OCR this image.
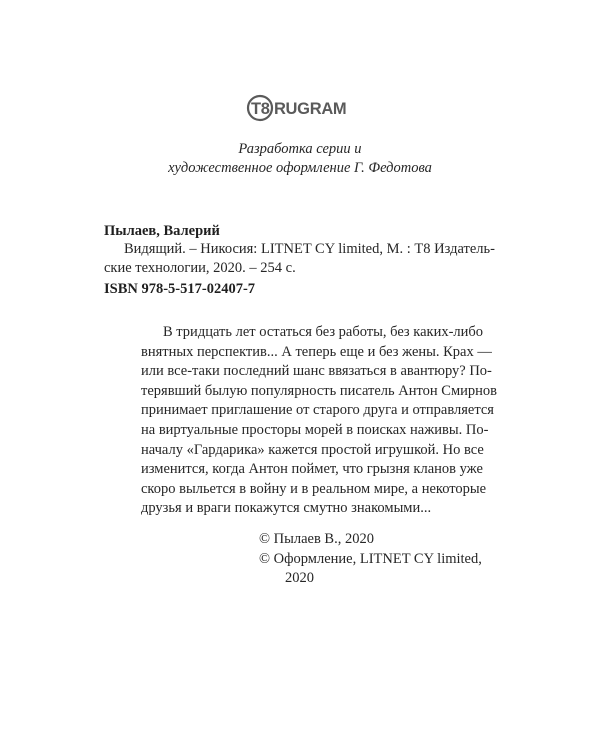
T8 RUGRAM
Разработка серии и
художественное оформление Г. Федотова
Пылаев, Валерий
Видящий. – Никосия: LITNET CY limited, М. : Т8 Издатель-
ские технологии, 2020. – 254 с.
ISBN 978-5-517-02407-7
В тридцать лет остаться без работы, без каких-либо
внятных перспектив... А теперь еще и без жены. Крах —
или все-таки последний шанс ввязаться в авантюру? По-
терявший былую популярность писатель Антон Смирнов
принимает приглашение от старого друга и отправляется
на виртуальные просторы морей в поисках наживы. По-
началу «Гардарика» кажется простой игрушкой. Но все
изменится, когда Антон поймет, что грызня кланов уже
скоро выльется в войну и в реальном мире, а некоторые
друзья и враги покажутся смутно знакомыми...
© Пылаев В., 2020
© Оформление, LITNET CY limited,
2020
